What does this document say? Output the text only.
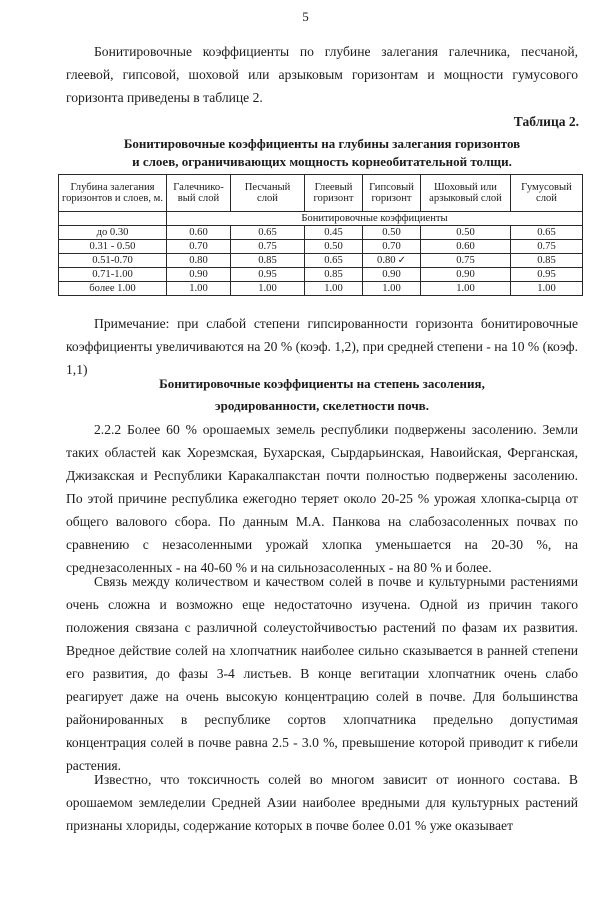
5

Бонитировочные коэффициенты по глубине залегания галечника, песчаной, глеевой, гипсовой, шоховой или арзыковым горизонтам и мощности гумусового горизонта приведены в таблице 2.

Таблица 2.
Бонитировочные коэффициенты на глубины залегания горизонтов
и слоев, ограничивающих мощность корнеобитательной толщи.
Глубина залегания горизонтов и слоев, м.	Галечнико-вый слой	Песчаный слой	Глеевый горизонт	Гипсовый горизонт	Шоховый или арзыковый слой	Гумусовый слой
	Бонитировочные коэффициенты					
до 0.30	0.60	0.65	0.45	0.50	0.50	0.65
0.31 - 0.50	0.70	0.75	0.50	0.70	0.60	0.75
0.51-0.70	0.80	0.85	0.65	0.80 ✓	0.75	0.85
0.71-1.00	0.90	0.95	0.85	0.90	0.90	0.95
более 1.00	1.00	1.00	1.00	1.00	1.00	1.00

Примечание: при слабой степени гипсированности горизонта бонитировочные коэффициенты увеличиваются на 20 % (коэф. 1,2), при средней степени - на 10 % (коэф. 1,1)

Бонитировочные коэффициенты на степень засоления,
эродированности, скелетности почв.

2.2.2 Более 60 % орошаемых земель республики подвержены засолению. Земли таких областей как Хорезмская, Бухарская, Сырдарьинская, Навоийская, Ферганская, Джизакская и Республики Каракалпакстан почти полностью подвержены засолению. По этой причине республика ежегодно теряет около 20-25 % урожая хлопка-сырца от общего валового сбора. По данным М.А. Панкова на слабозасоленных почвах по сравнению с незасоленными урожай хлопка уменьшается на 20-30 %, на среднезасоленных - на 40-60 % и на сильнозасоленных - на 80 % и более.

Связь между количеством и качеством солей в почве и культурными растениями очень сложна и возможно еще недостаточно изучена. Одной из причин такого положения связана с различной солеустойчивостью растений по фазам их развития. Вредное действие солей на хлопчатник наиболее сильно сказывается в ранней степени его развития, до фазы 3-4 листьев. В конце вегитации хлопчатник очень слабо реагирует даже на очень высокую концентрацию солей в почве. Для большинства районированных в республике сортов хлопчатника предельно допустимая концентрация солей в почве равна 2.5 - 3.0 %, превышение которой приводит к гибели растения.

Известно, что токсичность солей во многом зависит от ионного состава. В орошаемом земледелии Средней Азии наиболее вредными для культурных растений признаны хлориды, содержание которых в почве более 0.01 % уже оказывает
